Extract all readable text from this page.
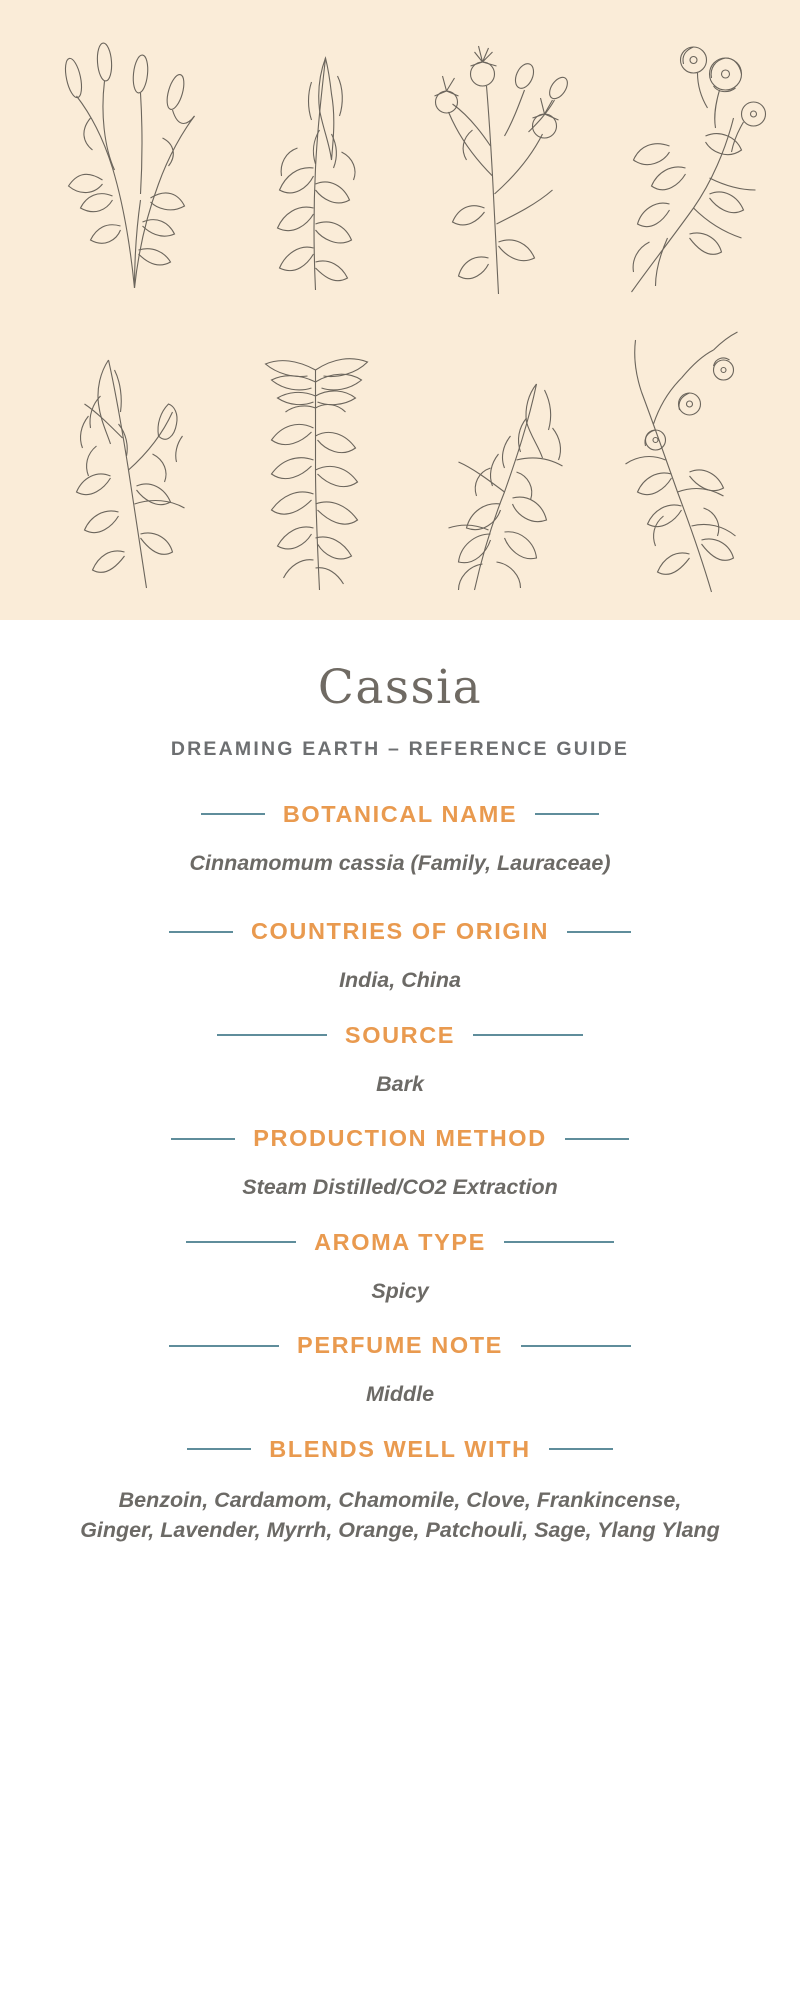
Cassia
DREAMING EARTH – REFERENCE GUIDE
BOTANICAL NAME
Cinnamomum cassia (Family, Lauraceae)
COUNTRIES OF ORIGIN
India, China
SOURCE
Bark
PRODUCTION METHOD
Steam Distilled/CO2 Extraction
AROMA TYPE
Spicy
PERFUME NOTE
Middle
BLENDS WELL WITH
Benzoin, Cardamom, Chamomile, Clove, Frankincense, Ginger, Lavender, Myrrh, Orange, Patchouli, Sage, Ylang Ylang
